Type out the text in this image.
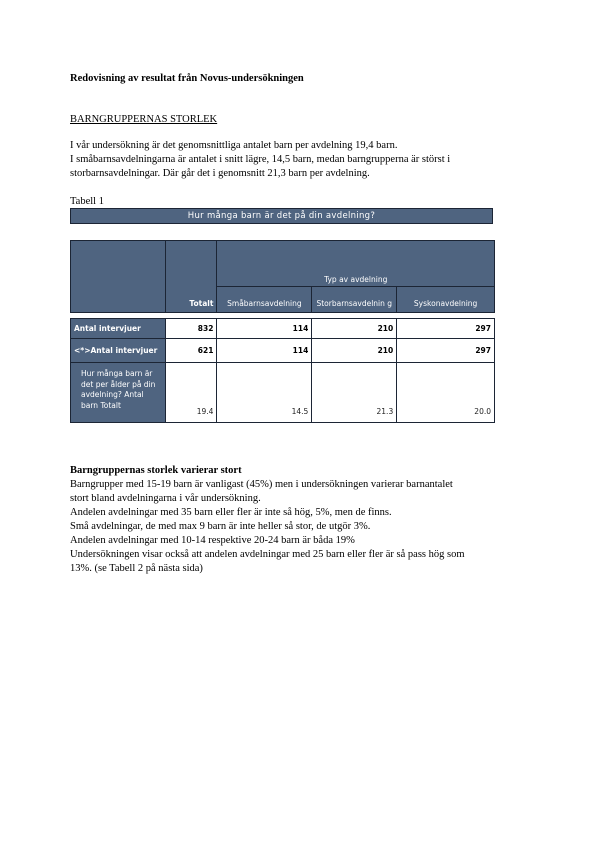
Redovisning av resultat från Novus-undersökningen
BARNGRUPPERNAS STORLEK
I vår undersökning är det genomsnittliga antalet barn per avdelning 19,4 barn.
I småbarnsavdelningarna är antalet i snitt lägre, 14,5 barn, medan barngrupperna är störst i
storbarnsavdelningar. Där går det i genomsnitt 21,3 barn per avdelning.
Tabell 1
Hur många barn är det på din avdelning?
	Totalt	Typ av avdelning		
		Småbarnsavdelning	Storbarnsavdelnin g	Syskonavdelning

Antal intervjuer	832	114	210	297
<*>Antal intervjuer	621	114	210	297
Hur många barn är det per ålder på din avdelning? Antal barn Totalt	19.4	14.5	21.3	20.0
Barngruppernas storlek varierar stort
Barngrupper med 15-19 barn är vanligast (45%) men i undersökningen varierar barnantalet
stort bland avdelningarna i vår undersökning.
Andelen avdelningar med 35 barn eller fler är inte så hög, 5%, men de finns.
Små avdelningar, de med max 9 barn är inte heller så stor, de utgör 3%.
Andelen avdelningar med 10-14 respektive 20-24 barn är båda 19%
Undersökningen visar också att andelen avdelningar med 25 barn eller fler är så pass hög som
13%. (se Tabell 2 på nästa sida)
